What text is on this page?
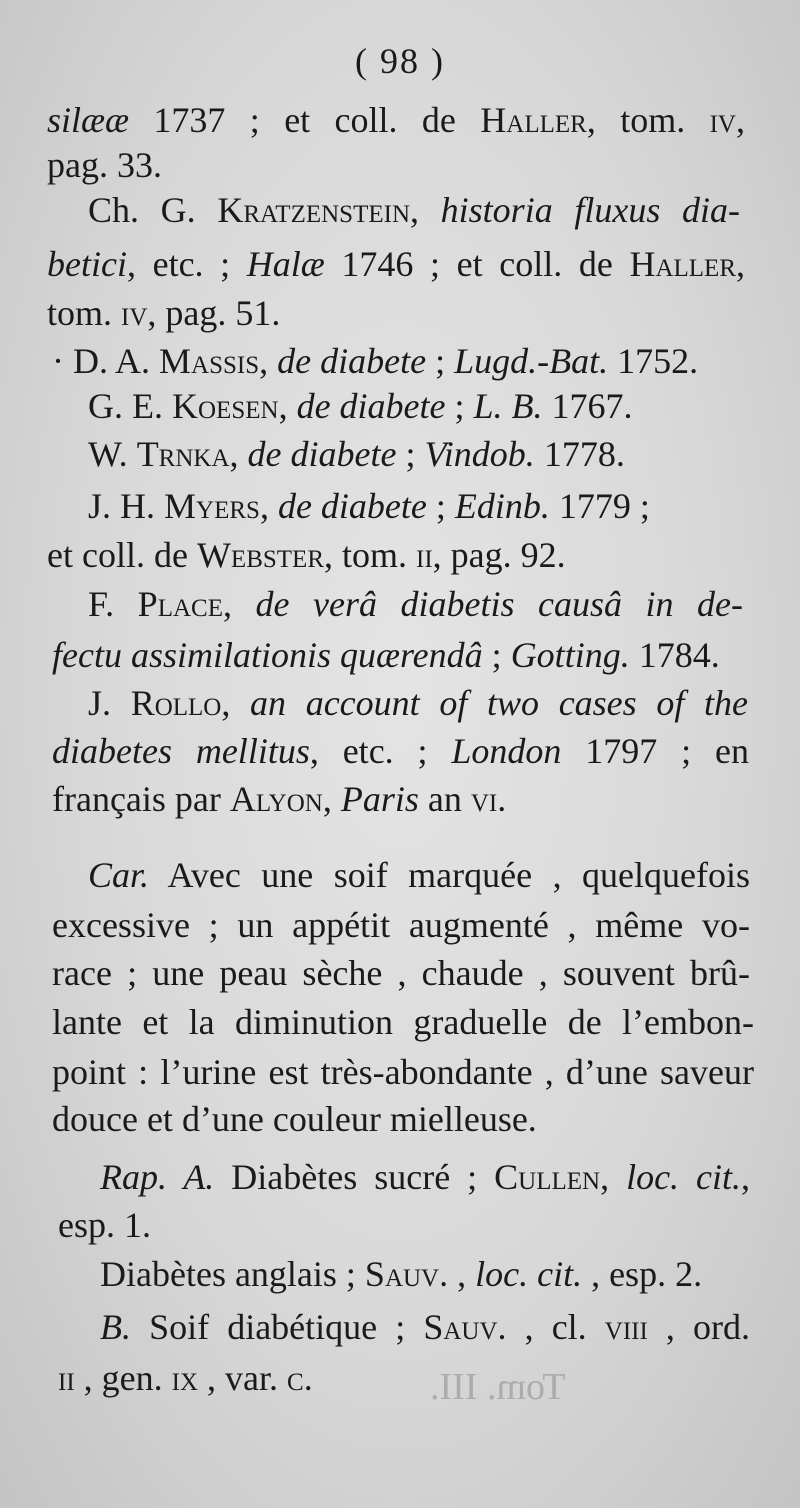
Tom. III.
( 98 )
silææ 1737 ; et coll. de Haller, tom. iv,
pag. 33.
Ch. G. Kratzenstein, historia fluxus dia-
betici, etc. ; Halæ 1746 ; et coll. de Haller,
tom. iv, pag. 51.
· D. A. Massis, de diabete ; Lugd.-Bat. 1752.
G. E. Koesen, de diabete ; L. B. 1767.
W. Trnka, de diabete ; Vindob. 1778.
J. H. Myers, de diabete ; Edinb. 1779 ;
et coll. de Webster, tom. ii, pag. 92.
F. Place, de verâ diabetis causâ in de-
fectu assimilationis quærendâ ; Gotting. 1784.
J. Rollo, an account of two cases of the
diabetes mellitus, etc. ; London 1797 ; en
français par Alyon, Paris an vi.
Car. Avec une soif marquée , quelquefois
excessive ; un appétit augmenté , même vo-
race ; une peau sèche , chaude , souvent brû-
lante et la diminution graduelle de l’embon-
point : l’urine est très-abondante , d’une saveur
douce et d’une couleur mielleuse.
Rap. A. Diabètes sucré ; Cullen, loc. cit.,
esp. 1.
Diabètes anglais ; Sauv. , loc. cit. , esp. 2.
B. Soif diabétique ; Sauv. , cl. viii , ord.
ii , gen. ix , var. c.
